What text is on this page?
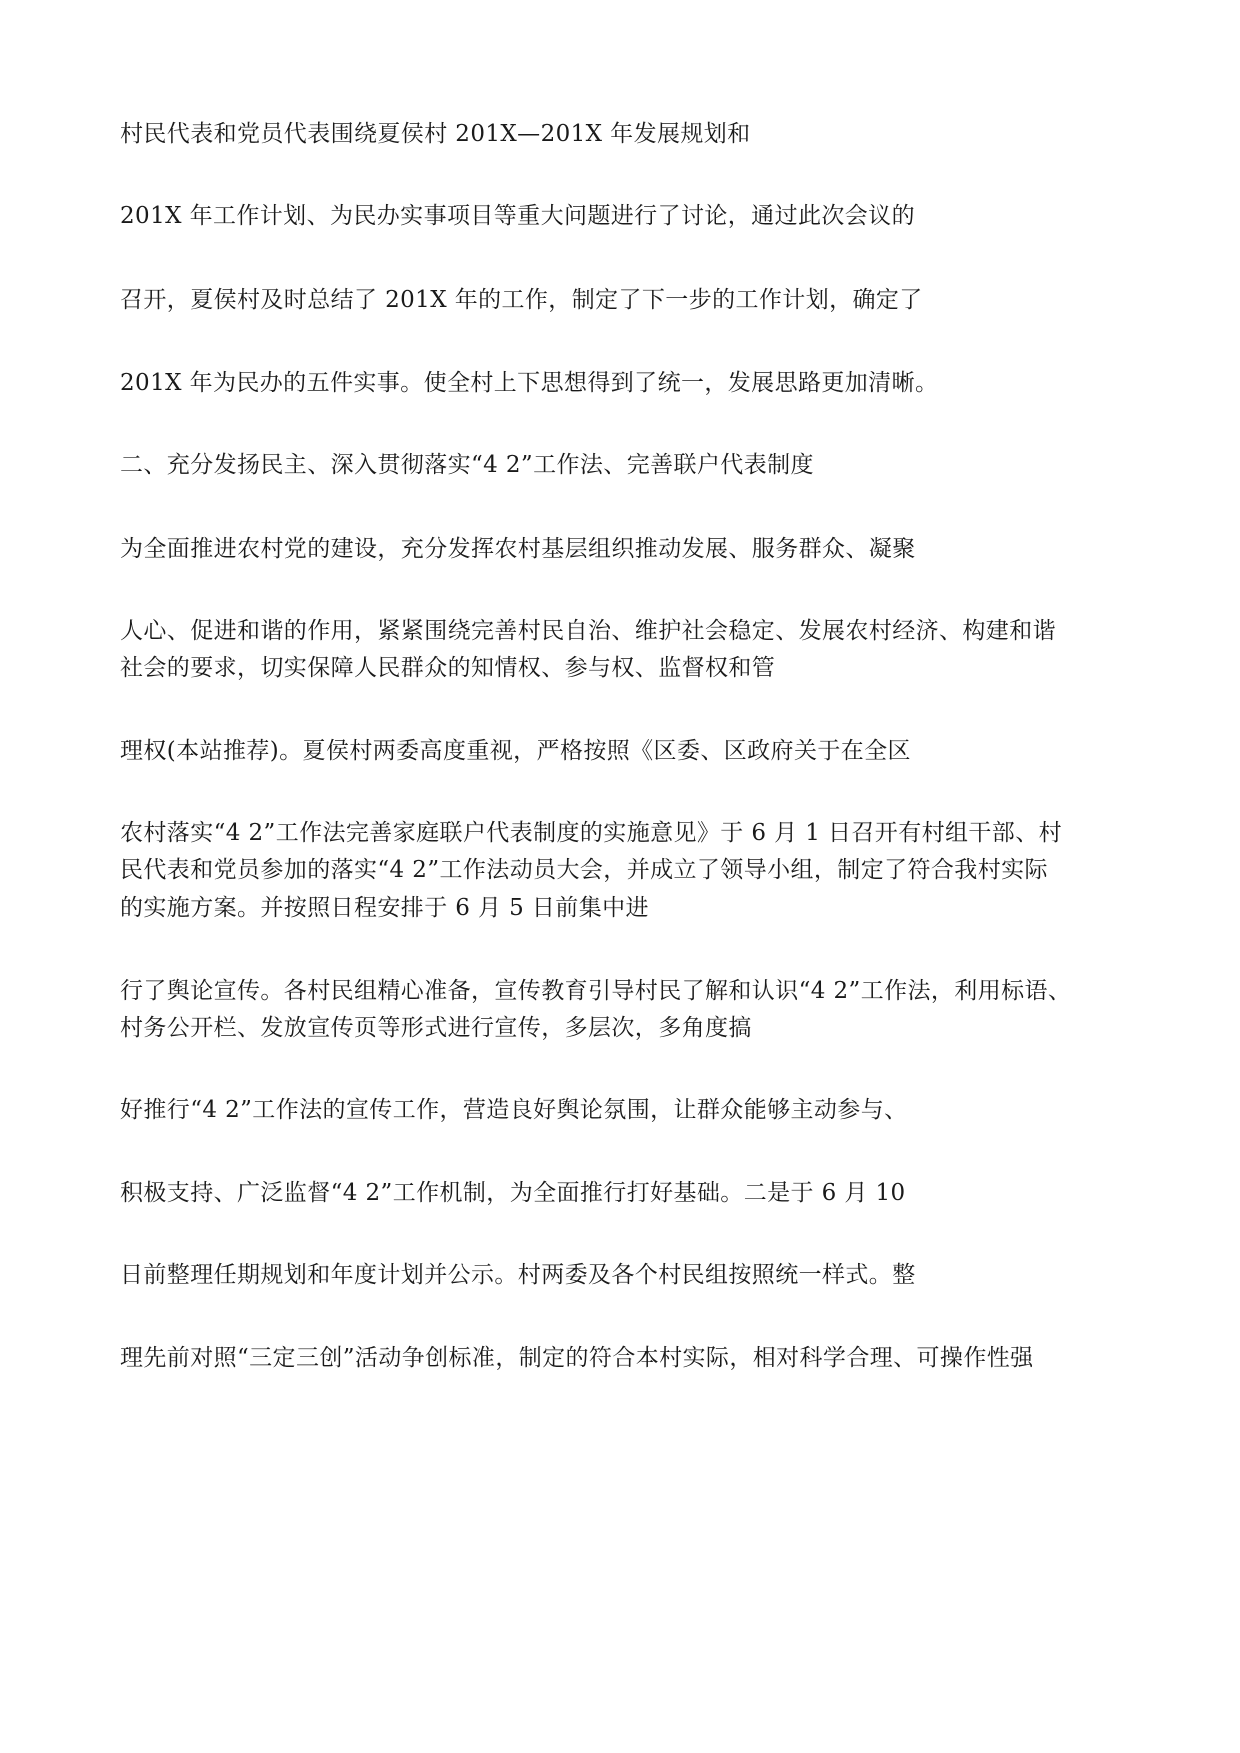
村民代表和党员代表围绕夏侯村 201X—201X 年发展规划和

201X 年工作计划、为民办实事项目等重大问题进行了讨论，通过此次会议的

召开，夏侯村及时总结了 201X 年的工作，制定了下一步的工作计划，确定了

201X 年为民办的五件实事。使全村上下思想得到了统一，发展思路更加清晰。

二、充分发扬民主、深入贯彻落实“4 2”工作法、完善联户代表制度

为全面推进农村党的建设，充分发挥农村基层组织推动发展、服务群众、凝聚

人心、促进和谐的作用，紧紧围绕完善村民自治、维护社会稳定、发展农村经济、构建和谐

社会的要求，切实保障人民群众的知情权、参与权、监督权和管

理权(本站推荐)。夏侯村两委高度重视，严格按照《区委、区政府关于在全区

农村落实“4 2”工作法完善家庭联户代表制度的实施意见》于 6 月 1 日召开有村组干部、村

民代表和党员参加的落实“4 2”工作法动员大会，并成立了领导小组，制定了符合我村实际

的实施方案。并按照日程安排于 6 月 5 日前集中进

行了舆论宣传。各村民组精心准备，宣传教育引导村民了解和认识“4 2”工作法，利用标语、

村务公开栏、发放宣传页等形式进行宣传，多层次，多角度搞

好推行“4 2”工作法的宣传工作，营造良好舆论氛围，让群众能够主动参与、

积极支持、广泛监督“4 2”工作机制，为全面推行打好基础。二是于 6 月 10

日前整理任期规划和年度计划并公示。村两委及各个村民组按照统一样式。整

理先前对照“三定三创”活动争创标准，制定的符合本村实际，相对科学合理、可操作性强
